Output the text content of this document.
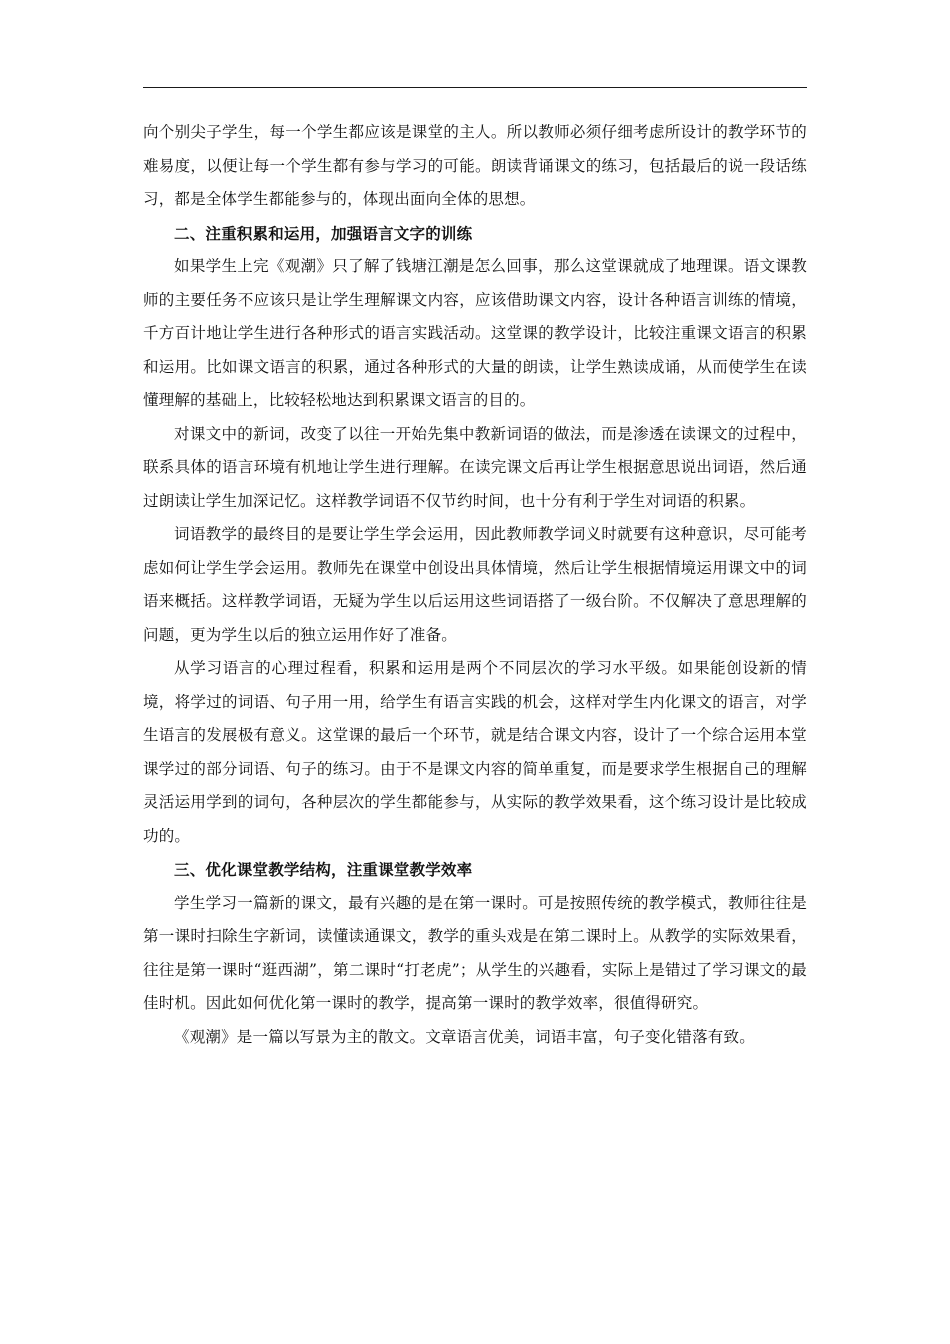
向个别尖子学生，每一个学生都应该是课堂的主人。所以教师必须仔细考虑所设计的教学环节的难易度，以便让每一个学生都有参与学习的可能。朗读背诵课文的练习，包括最后的说一段话练习，都是全体学生都能参与的，体现出面向全体的思想。

二、注重积累和运用，加强语言文字的训练

如果学生上完《观潮》只了解了钱塘江潮是怎么回事，那么这堂课就成了地理课。语文课教师的主要任务不应该只是让学生理解课文内容，应该借助课文内容，设计各种语言训练的情境，千方百计地让学生进行各种形式的语言实践活动。这堂课的教学设计，比较注重课文语言的积累和运用。比如课文语言的积累，通过各种形式的大量的朗读，让学生熟读成诵，从而使学生在读懂理解的基础上，比较轻松地达到积累课文语言的目的。

对课文中的新词，改变了以往一开始先集中教新词语的做法，而是渗透在读课文的过程中，联系具体的语言环境有机地让学生进行理解。在读完课文后再让学生根据意思说出词语，然后通过朗读让学生加深记忆。这样教学词语不仅节约时间，也十分有利于学生对词语的积累。

词语教学的最终目的是要让学生学会运用，因此教师教学词义时就要有这种意识，尽可能考虑如何让学生学会运用。教师先在课堂中创设出具体情境，然后让学生根据情境运用课文中的词语来概括。这样教学词语，无疑为学生以后运用这些词语搭了一级台阶。不仅解决了意思理解的问题，更为学生以后的独立运用作好了准备。

从学习语言的心理过程看，积累和运用是两个不同层次的学习水平级。如果能创设新的情境，将学过的词语、句子用一用，给学生有语言实践的机会，这样对学生内化课文的语言，对学生语言的发展极有意义。这堂课的最后一个环节，就是结合课文内容，设计了一个综合运用本堂课学过的部分词语、句子的练习。由于不是课文内容的简单重复，而是要求学生根据自己的理解灵活运用学到的词句，各种层次的学生都能参与，从实际的教学效果看，这个练习设计是比较成功的。

三、优化课堂教学结构，注重课堂教学效率

学生学习一篇新的课文，最有兴趣的是在第一课时。可是按照传统的教学模式，教师往往是第一课时扫除生字新词，读懂读通课文，教学的重头戏是在第二课时上。从教学的实际效果看，往往是第一课时“逛西湖”，第二课时“打老虎”；从学生的兴趣看，实际上是错过了学习课文的最佳时机。因此如何优化第一课时的教学，提高第一课时的教学效率，很值得研究。

《观潮》是一篇以写景为主的散文。文章语言优美，词语丰富，句子变化错落有致。
